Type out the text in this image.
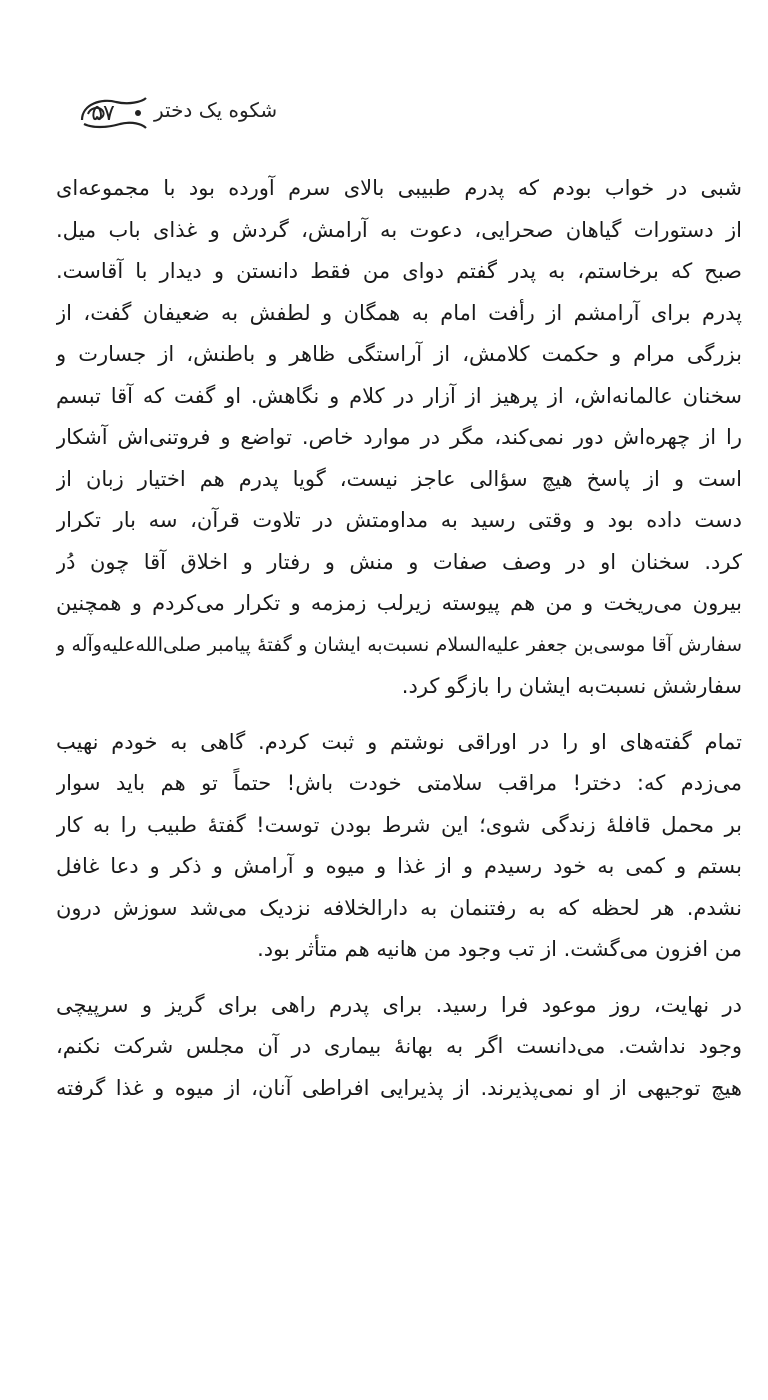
۵۷	شکوه یک دختر

شبی در خواب بودم که پدرم طبیبی بالای سرم آورده بود با مجموعه‌ای
از دستورات گیاهان صحرایی، دعوت به آرامش، گردش و غذای باب میل.
صبح که برخاستم، به پدر گفتم دوای من فقط دانستن و دیدار با آقاست.
پدرم برای آرامشم از رأفت امام به همگان و لطفش به ضعیفان گفت، از
بزرگی مرام و حکمت کلامش، از آراستگی ظاهر و باطنش، از جسارت و
سخنان عالمانه‌اش، از پرهیز از آزار در کلام و نگاهش. او گفت که آقا تبسم
را از چهره‌اش دور نمی‌کند، مگر در موارد خاص. تواضع و فروتنی‌اش آشکار
است و از پاسخ هیچ سؤالی عاجز نیست، گویا پدرم هم اختیار زبان از
دست داده بود و وقتی رسید به مداومتش در تلاوت قرآن، سه بار تکرار
کرد. سخنان او در وصف صفات و منش و رفتار و اخلاق آقا چون دُر
بیرون می‌ریخت و من هم پیوسته زیرلب زمزمه و تکرار می‌کردم و همچنین
سفارش آقا موسی‌بن جعفر علیه‌السلام نسبت‌به ایشان و گفتهٔ پیامبر صلی‌الله‌علیه‌وآله و
سفارشش نسبت‌به ایشان را بازگو کرد.

تمام گفته‌های او را در اوراقی نوشتم و ثبت کردم. گاهی به خودم نهیب
می‌زدم که: دختر! مراقب سلامتی خودت باش! حتماً تو هم باید سوار
بر محمل قافلهٔ زندگی شوی؛ این شرط بودن توست! گفتهٔ طبیب را به کار
بستم و کمی به خود رسیدم و از غذا و میوه و آرامش و ذکر و دعا غافل
نشدم. هر لحظه که به رفتنمان به دارالخلافه نزدیک می‌شد سوزش درون
من افزون می‌گشت. از تب وجود من هانیه هم متأثر بود.

در نهایت، روز موعود فرا رسید. برای پدرم راهی برای گریز و سرپیچی
وجود نداشت. می‌دانست اگر به بهانهٔ بیماری در آن مجلس شرکت نکنم،
هیچ توجیهی از او نمی‌پذیرند. از پذیرایی افراطی آنان، از میوه و غذا گرفته
